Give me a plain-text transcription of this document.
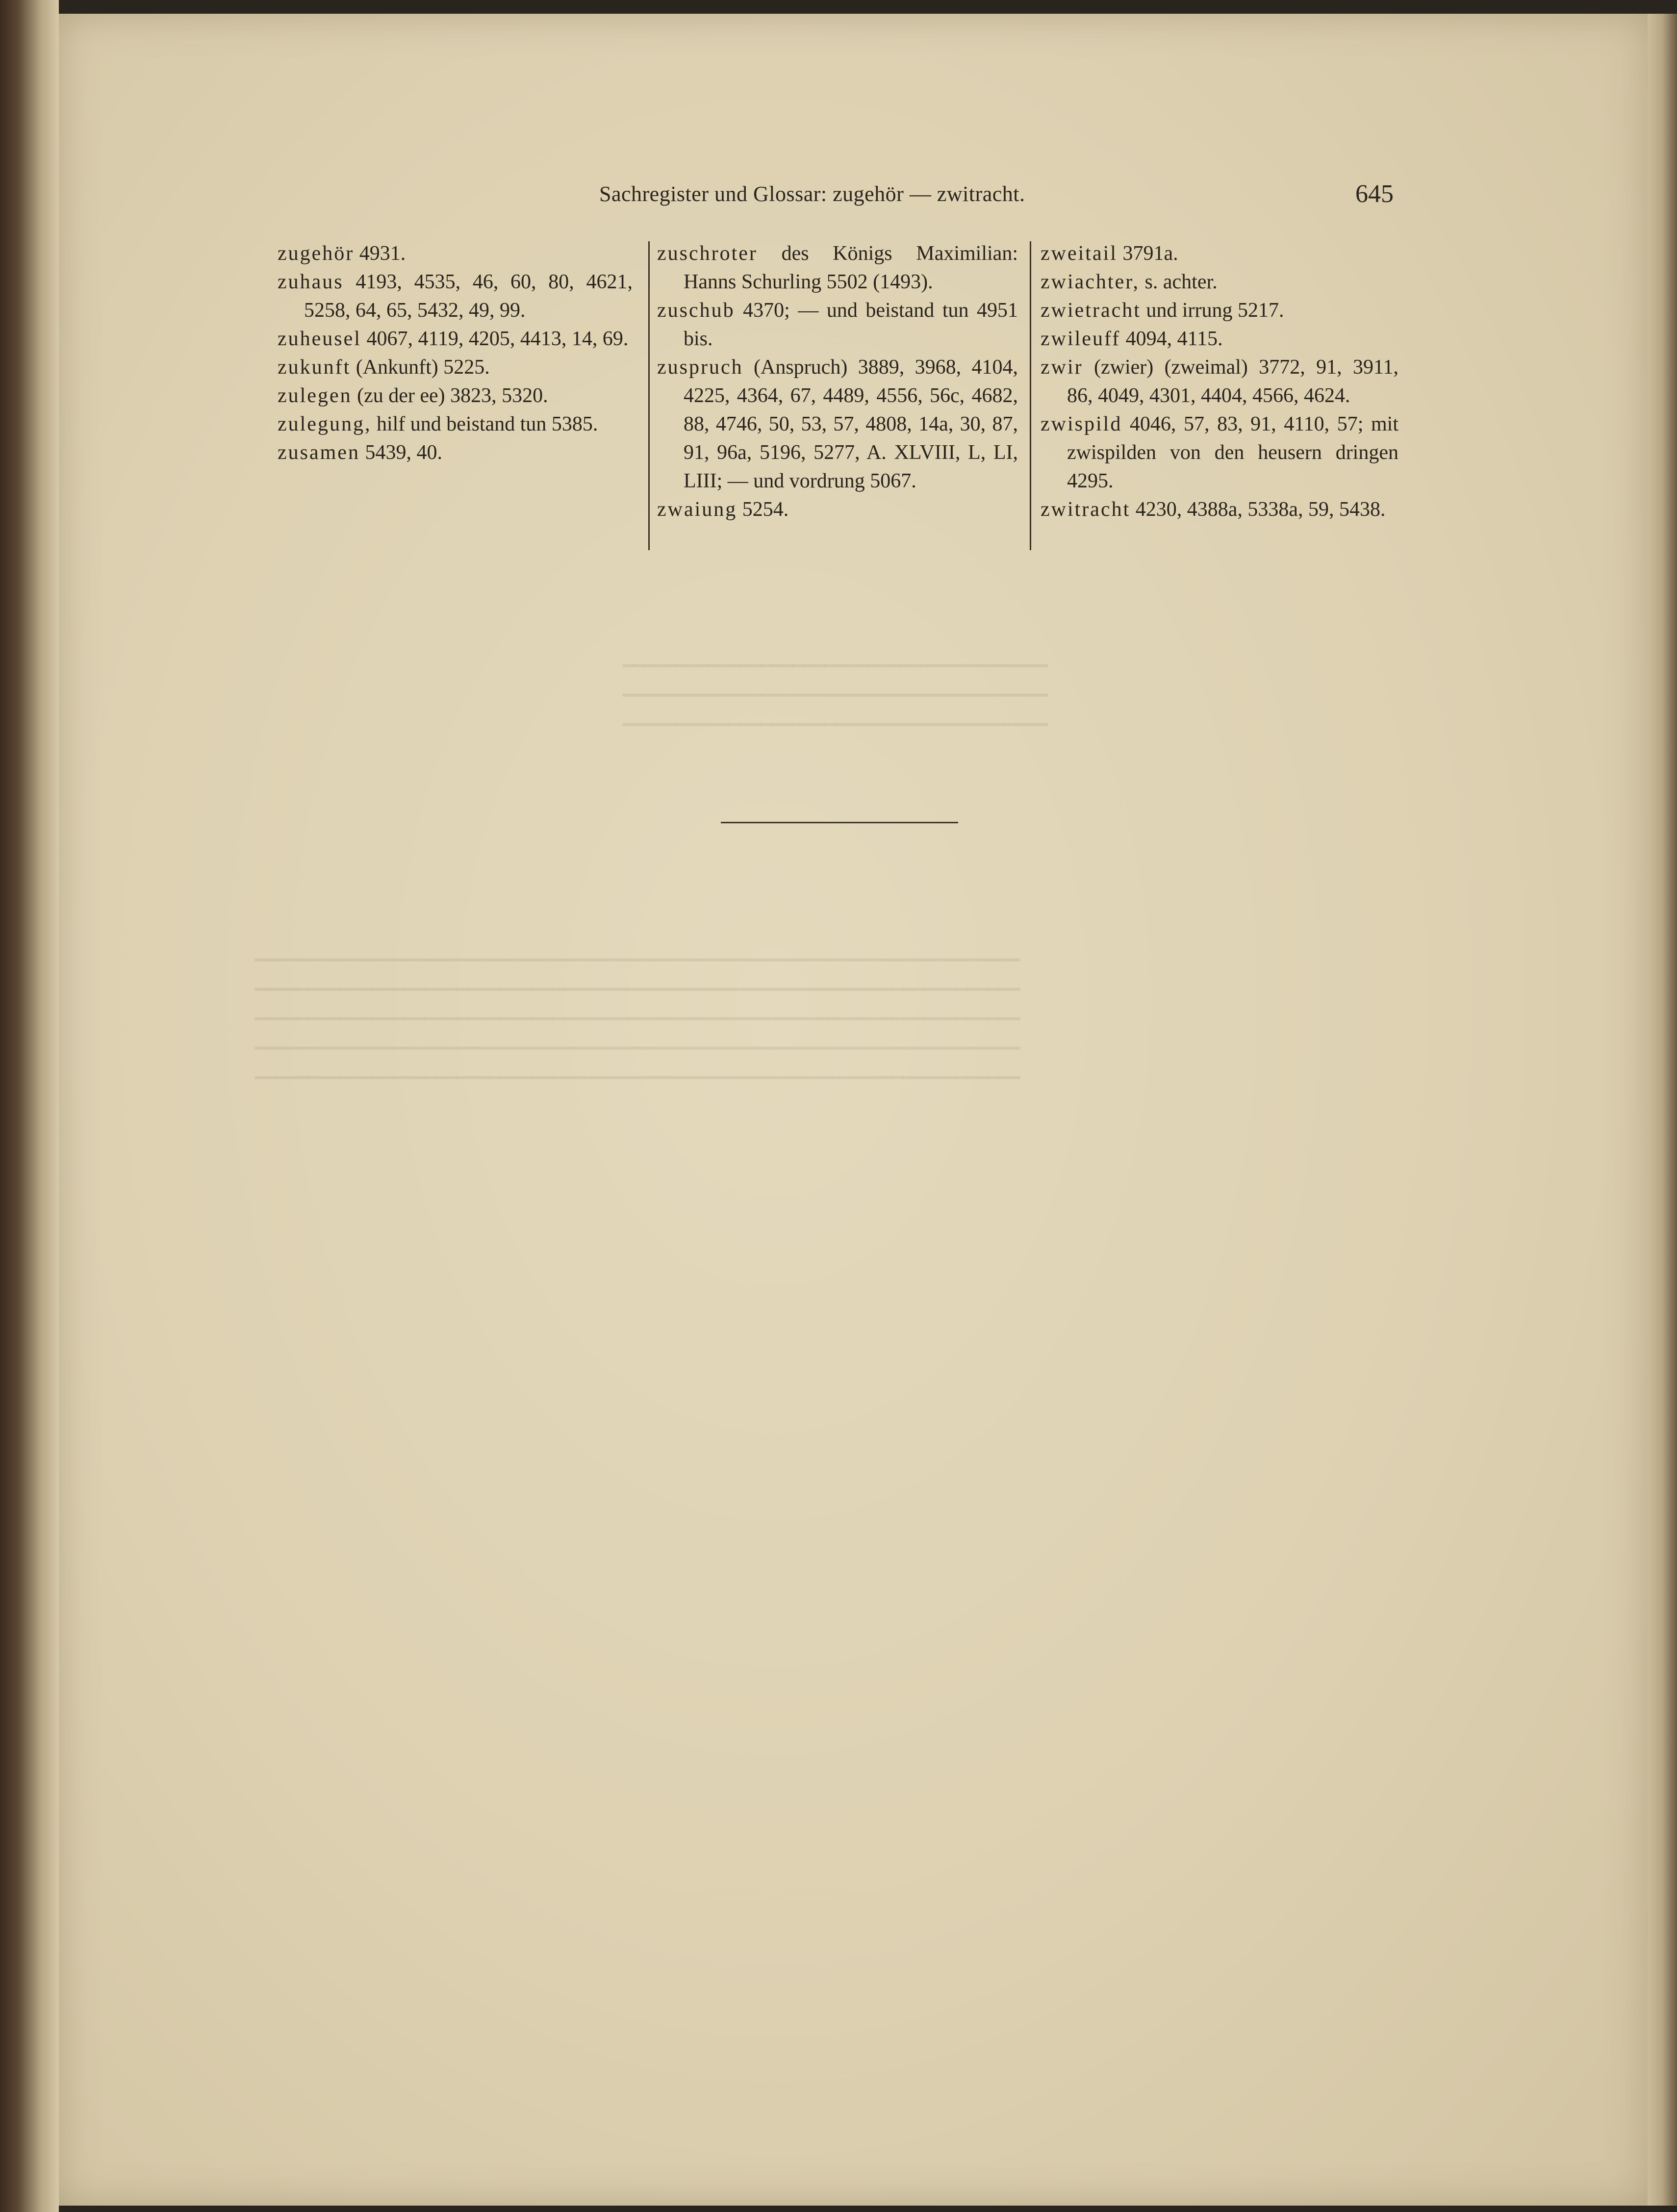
━━━━━━━━━━━━━━━━━━━━━━━━━━━━━━━━━━━━━━━━
━━━━━━━━━━━━━━━━━━━━━━━━━━━━━━━━━━━━━━━━
━━━━━━━━━━━━━━━━━━━━━━━━━━━━━━━━━━━━━━━━
━━━━━━━━━━━━━━━━━━━━━━━━━━━━━━━━━━━━━━━━━━━━━━━━━━━━━━━━━━━━━━━━━━━━━━━━
━━━━━━━━━━━━━━━━━━━━━━━━━━━━━━━━━━━━━━━━━━━━━━━━━━━━━━━━━━━━━━━━━━━━━━━━
━━━━━━━━━━━━━━━━━━━━━━━━━━━━━━━━━━━━━━━━━━━━━━━━━━━━━━━━━━━━━━━━━━━━━━━━
━━━━━━━━━━━━━━━━━━━━━━━━━━━━━━━━━━━━━━━━━━━━━━━━━━━━━━━━━━━━━━━━━━━━━━━━
━━━━━━━━━━━━━━━━━━━━━━━━━━━━━━━━━━━━━━━━━━━━━━━━━━━━━━━━━━━━━━━━━━━━━━━━
Sachregister und Glossar: zugehör — zwitracht.	645

zugehör 4931.

zuhaus 4193, 4535, 46, 60, 80, 4621, 5258, 64, 65, 5432, 49, 99.

zuheusel 4067, 4119, 4205, 4413, 14, 69.

zukunft (Ankunft) 5225.

zulegen (zu der ee) 3823, 5320.

zulegung, hilf und beistand tun 5385.

zusamen 5439, 40.

zuschroter des Königs Maximilian: Hanns Schurling 5502 (1493).

zuschub 4370; — und beistand tun 4951 bis.

zuspruch (Anspruch) 3889, 3968, 4104, 4225, 4364, 67, 4489, 4556, 56c, 4682, 88, 4746, 50, 53, 57, 4808, 14a, 30, 87, 91, 96a, 5196, 5277, A. XLVIII, L, LI, LIII; — und vordrung 5067.

zwaiung 5254.

zweitail 3791a.

zwiachter, s. achter.

zwietracht und irrung 5217.

zwileuff 4094, 4115.

zwir (zwier) (zweimal) 3772, 91, 3911, 86, 4049, 4301, 4404, 4566, 4624.

zwispild 4046, 57, 83, 91, 4110, 57; mit zwispilden von den heusern dringen 4295.

zwitracht 4230, 4388a, 5338a, 59, 5438.
